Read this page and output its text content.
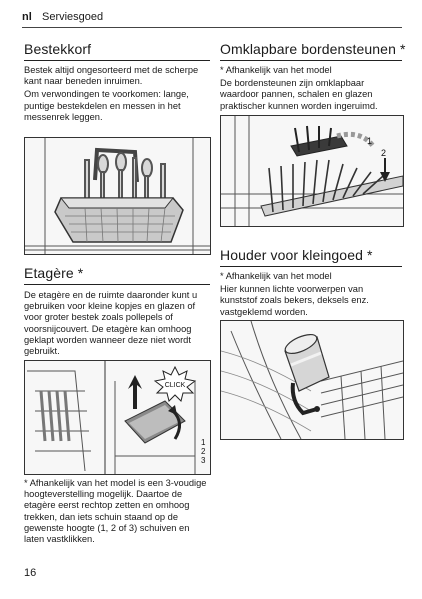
nl Serviesgoed
Bestekkorf
Bestek altijd ongesorteerd met de scherpe kant naar beneden inruimen.
Om verwondingen te voorkomen: lange, puntige bestekdelen en messen in het messenrek leggen.
Etagère *
De etagère en de ruimte daaronder kunt u gebruiken voor kleine kopjes en glazen of voor groter bestek zoals pollepels of voorsnijcouvert. De etagère kan omhoog geklapt worden wanneer deze niet wordt gebruikt.
CLICK
1
2
3
* Afhankelijk van het model is een 3-voudige hoogteverstelling mogelijk. Daartoe de etagère eerst rechtop zetten en omhoog trekken, dan iets schuin staand op de gewenste hoogte (1, 2 of 3) schuiven en laten vastklikken.
Omklapbare bordensteunen *
* Afhankelijk van het model
De bordensteunen zijn omklapbaar waardoor pannen, schalen en glazen praktischer kunnen worden ingeruimd.
1
2
Houder voor kleingoed *
* Afhankelijk van het model
Hier kunnen lichte voorwerpen van kunststof zoals bekers, deksels enz. vastgeklemd worden.
16
